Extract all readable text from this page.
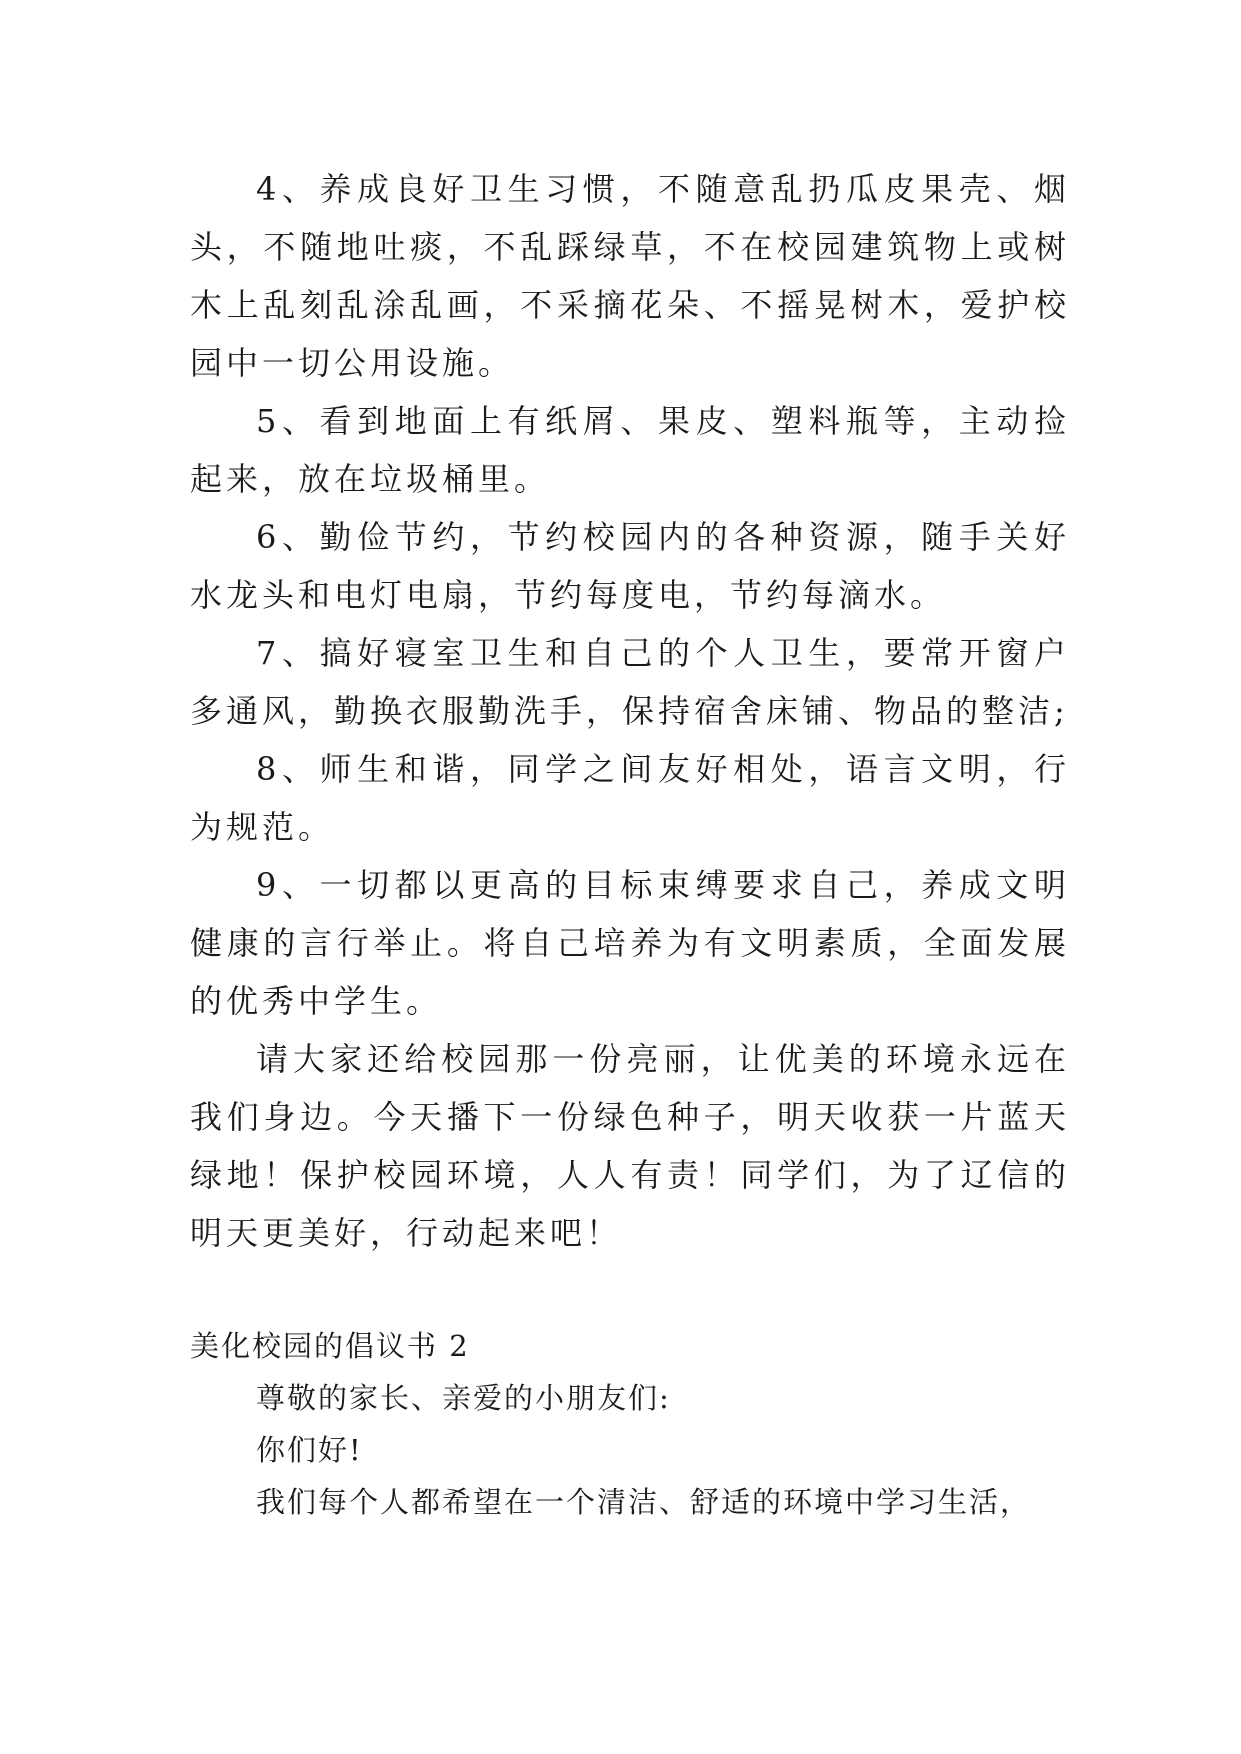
4、养成良好卫生习惯，不随意乱扔瓜皮果壳、烟头，不随地吐痰，不乱踩绿草，不在校园建筑物上或树木上乱刻乱涂乱画，不采摘花朵、不摇晃树木，爱护校园中一切公用设施。

5、看到地面上有纸屑、果皮、塑料瓶等，主动捡起来，放在垃圾桶里。

6、勤俭节约，节约校园内的各种资源，随手关好水龙头和电灯电扇，节约每度电，节约每滴水。

7、搞好寝室卫生和自己的个人卫生，要常开窗户多通风，勤换衣服勤洗手，保持宿舍床铺、物品的整洁;

8、师生和谐，同学之间友好相处，语言文明，行为规范。

9、一切都以更高的目标束缚要求自己，养成文明健康的言行举止。将自己培养为有文明素质，全面发展的优秀中学生。

请大家还给校园那一份亮丽，让优美的环境永远在我们身边。今天播下一份绿色种子，明天收获一片蓝天绿地！保护校园环境，人人有责！同学们，为了辽信的明天更美好，行动起来吧！

美化校园的倡议书 2

尊敬的家长、亲爱的小朋友们:

你们好!

我们每个人都希望在一个清洁、舒适的环境中学习生活，
